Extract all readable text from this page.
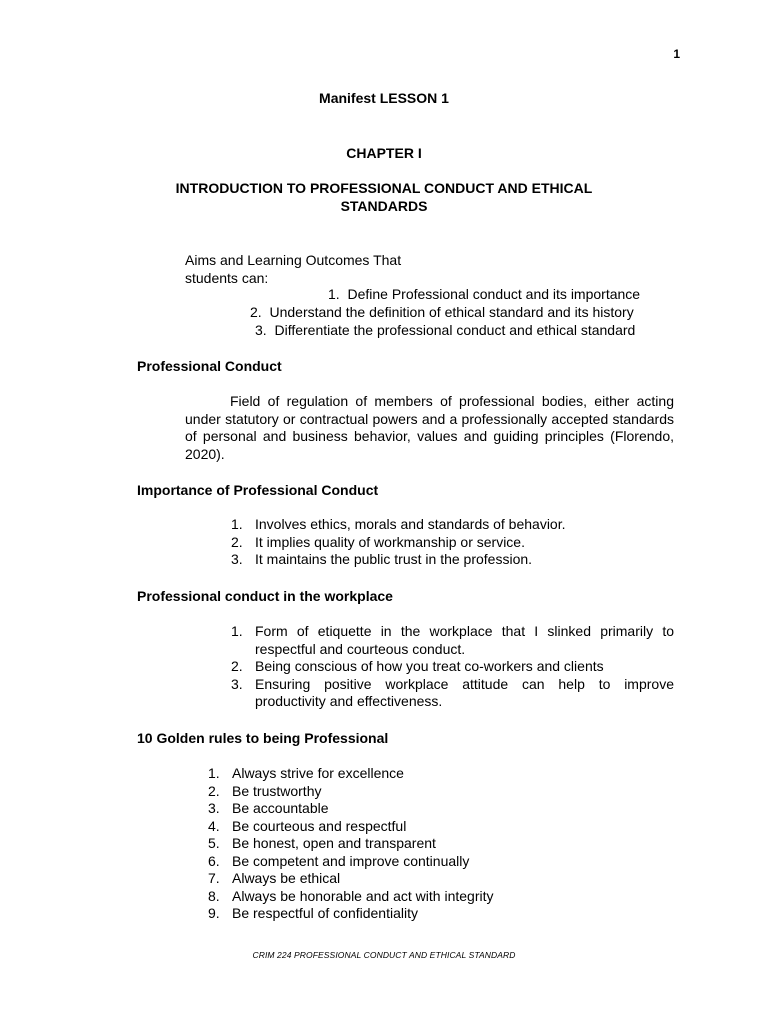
1
Manifest LESSON 1
CHAPTER I
INTRODUCTION TO PROFESSIONAL CONDUCT AND ETHICAL STANDARDS
Aims and Learning Outcomes That
students can:
1. Define Professional conduct and its importance
2. Understand the definition of ethical standard and its history
3. Differentiate the professional conduct and ethical standard
Professional Conduct

Field of regulation of members of professional bodies, either acting under statutory or contractual powers and a professionally accepted standards of personal and business behavior, values and guiding principles (Florendo, 2020).

Importance of Professional Conduct
1. Involves ethics, morals and standards of behavior.
2. It implies quality of workmanship or service.
3. It maintains the public trust in the profession.
Professional conduct in the workplace
1. Form of etiquette in the workplace that I slinked primarily to respectful and courteous conduct.
2. Being conscious of how you treat co-workers and clients
3. Ensuring positive workplace attitude can help to improve productivity and effectiveness.
10 Golden rules to being Professional
1. Always strive for excellence
2. Be trustworthy
3. Be accountable
4. Be courteous and respectful
5. Be honest, open and transparent
6. Be competent and improve continually
7. Always be ethical
8. Always be honorable and act with integrity
9. Be respectful of confidentiality
CRIM 224 PROFESSIONAL CONDUCT AND ETHICAL STANDARD
